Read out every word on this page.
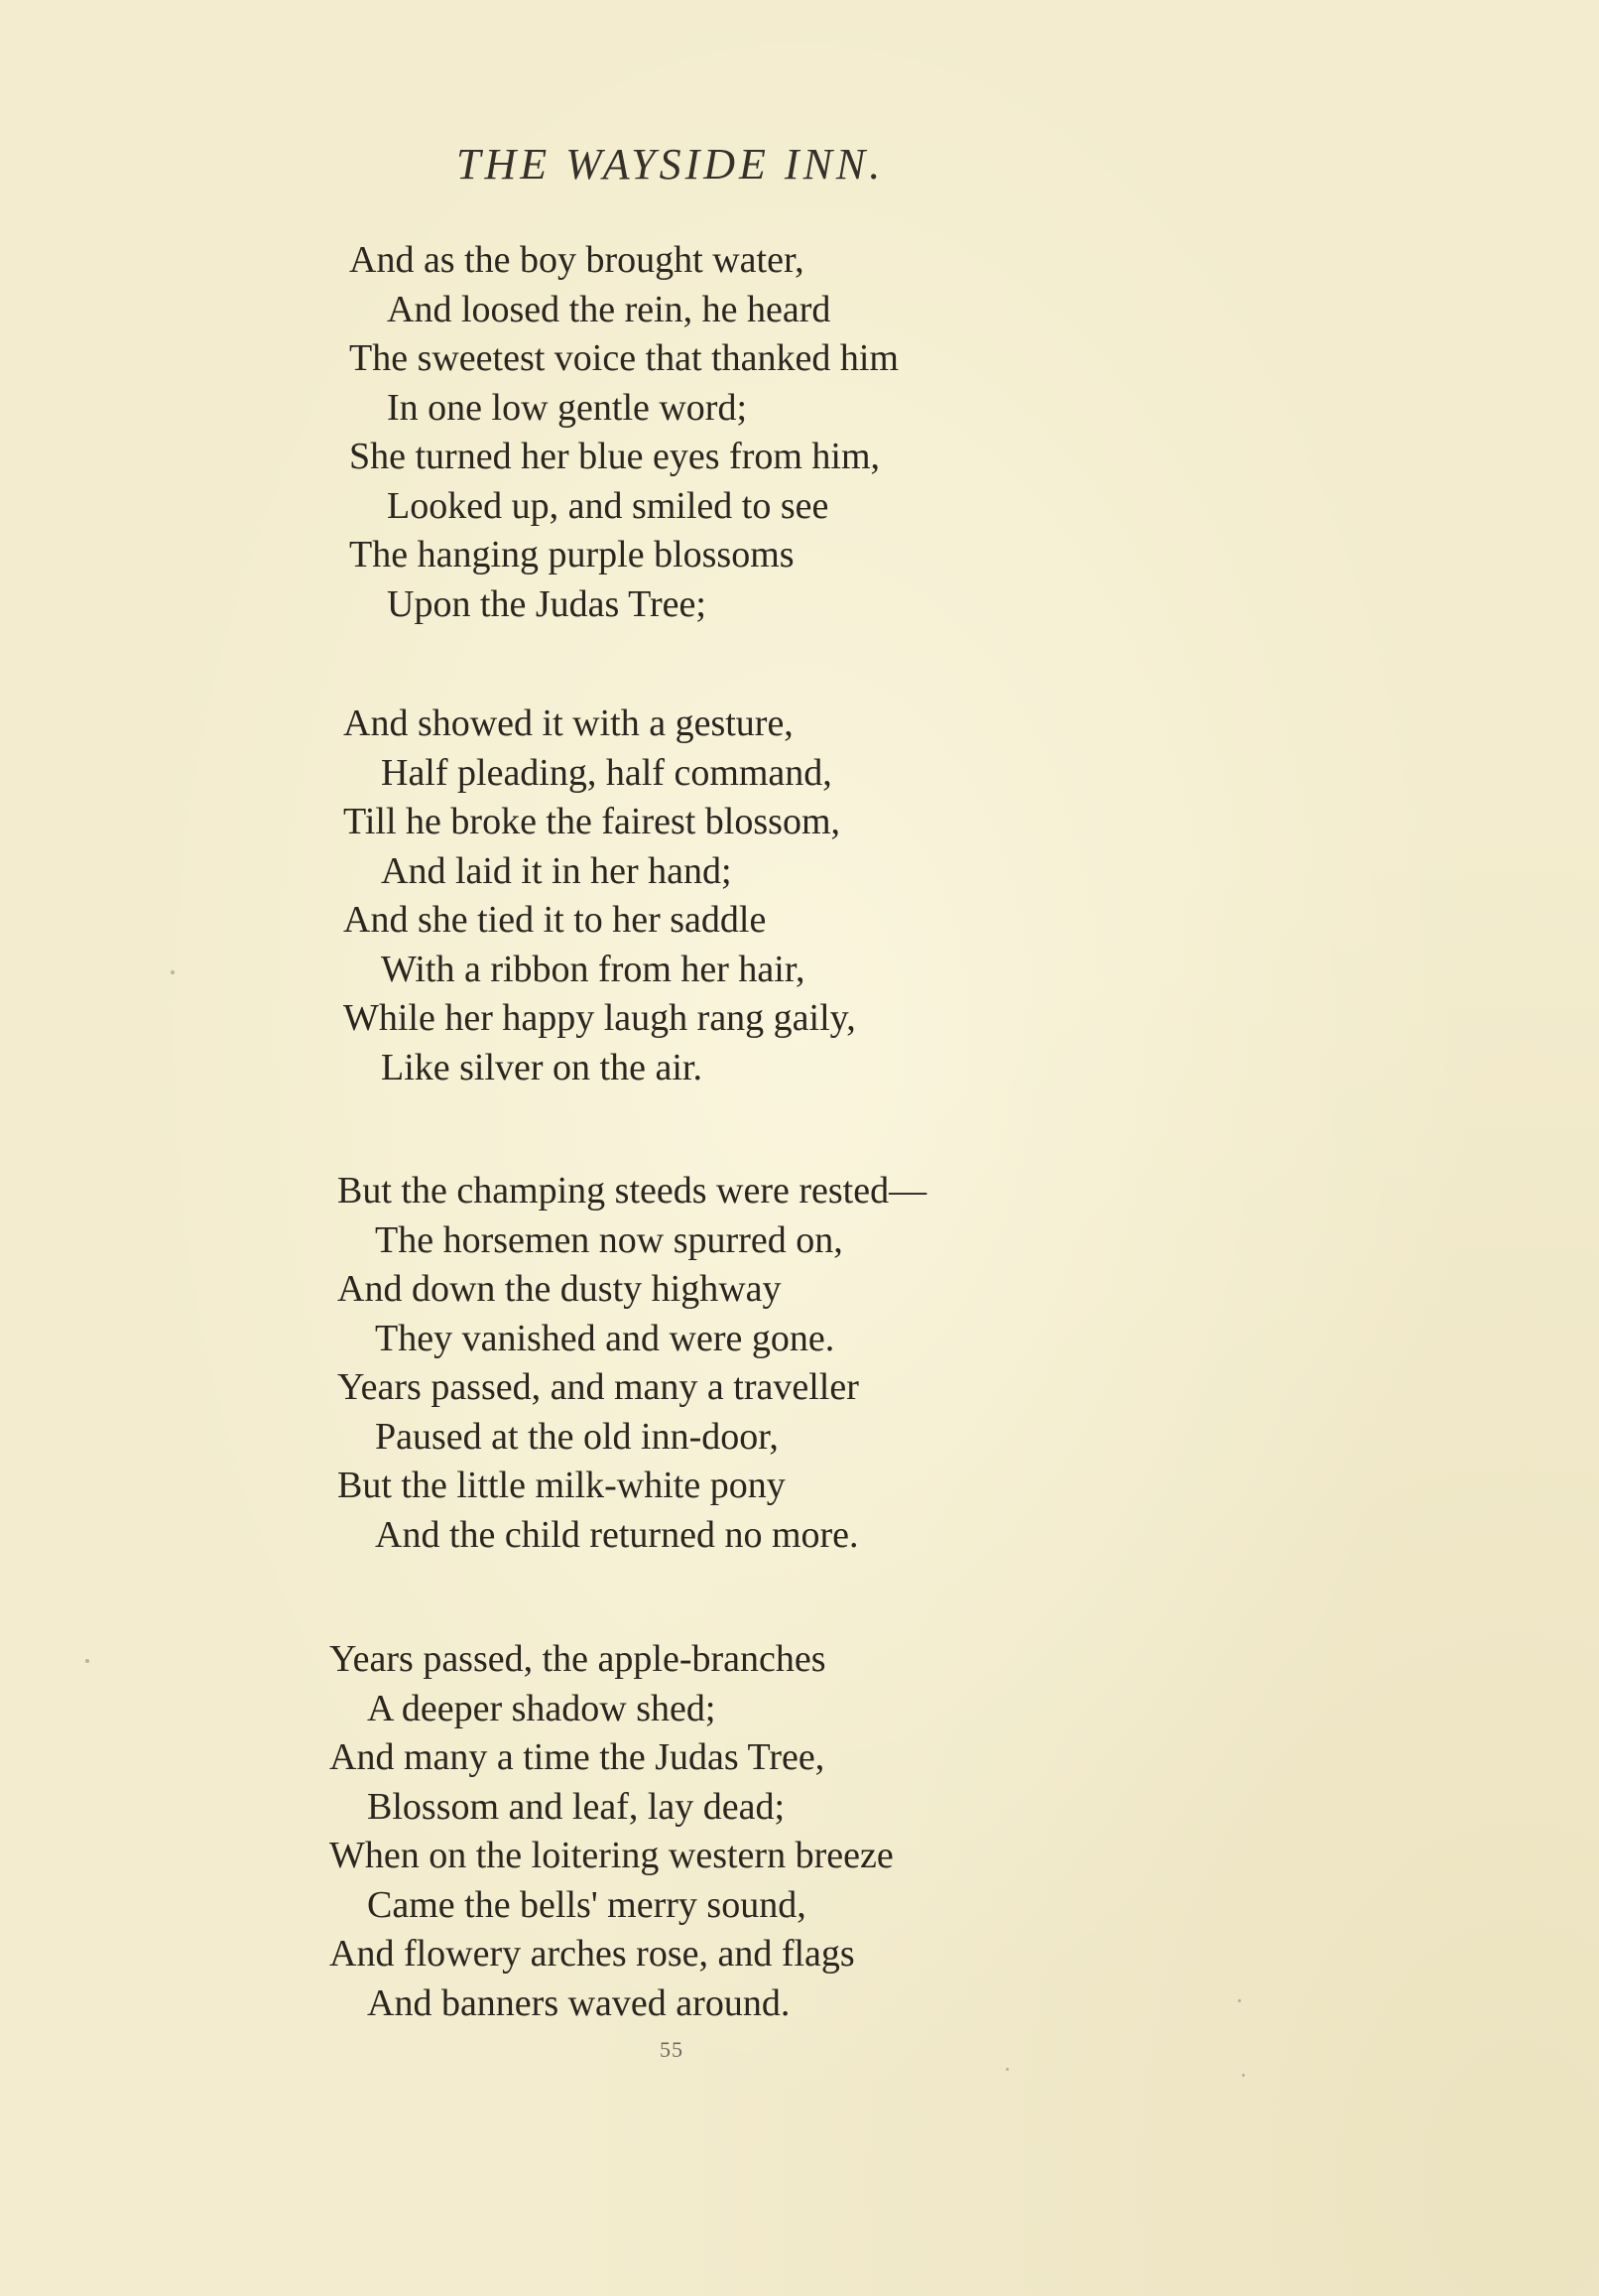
THE WAYSIDE INN.
And as the boy brought water,
And loosed the rein, he heard
The sweetest voice that thanked him
In one low gentle word;
She turned her blue eyes from him,
Looked up, and smiled to see
The hanging purple blossoms
Upon the Judas Tree;
And showed it with a gesture,
Half pleading, half command,
Till he broke the fairest blossom,
And laid it in her hand;
And she tied it to her saddle
With a ribbon from her hair,
While her happy laugh rang gaily,
Like silver on the air.
But the champing steeds were rested—
The horsemen now spurred on,
And down the dusty highway
They vanished and were gone.
Years passed, and many a traveller
Paused at the old inn-door,
But the little milk-white pony
And the child returned no more.
Years passed, the apple-branches
A deeper shadow shed;
And many a time the Judas Tree,
Blossom and leaf, lay dead;
When on the loitering western breeze
Came the bells' merry sound,
And flowery arches rose, and flags
And banners waved around.
55
